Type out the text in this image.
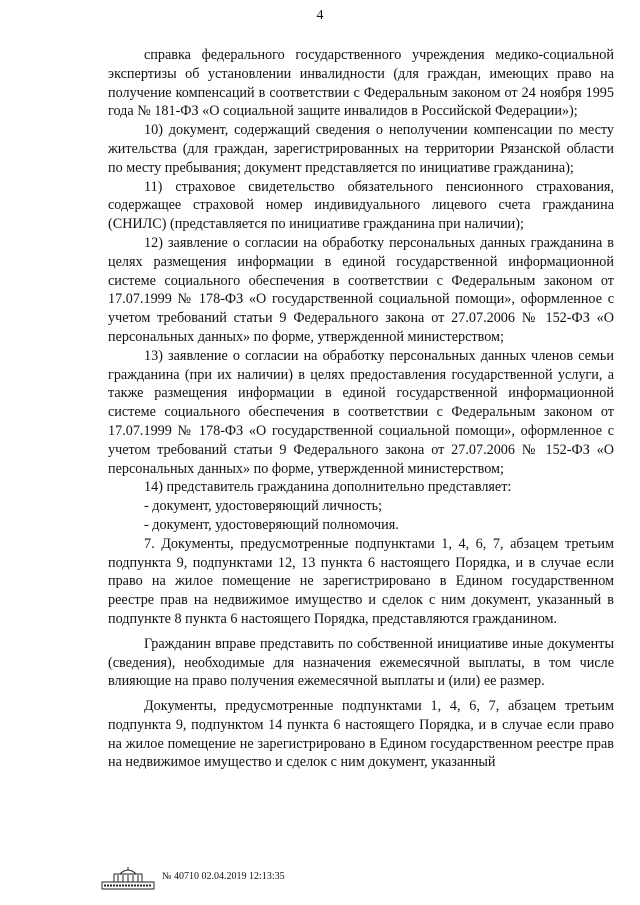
4

справка федерального государственного учреждения медико-социальной экспертизы об установлении инвалидности (для граждан, имеющих право на получение компенсаций в соответствии с Федеральным законом от 24 ноября 1995 года № 181-ФЗ «О социальной защите инвалидов в Российской Федерации»);

10) документ, содержащий сведения о неполучении компенсации по месту жительства (для граждан, зарегистрированных на территории Рязанской области по месту пребывания; документ представляется по инициативе гражданина);

11) страховое свидетельство обязательного пенсионного страхования, содержащее страховой номер индивидуального лицевого счета гражданина (СНИЛС) (представляется по инициативе гражданина при наличии);

12) заявление о согласии на обработку персональных данных гражданина в целях размещения информации в единой государственной информационной системе социального обеспечения в соответствии с Федеральным законом от 17.07.1999 № 178-ФЗ «О государственной социальной помощи», оформленное с учетом требований статьи 9 Федерального закона от 27.07.2006 № 152-ФЗ «О персональных данных» по форме, утвержденной министерством;

13) заявление о согласии на обработку персональных данных членов семьи гражданина (при их наличии) в целях предоставления государственной услуги, а также размещения информации в единой государственной информационной системе социального обеспечения в соответствии с Федеральным законом от 17.07.1999 № 178-ФЗ «О государственной социальной помощи», оформленное с учетом требований статьи 9 Федерального закона от 27.07.2006 № 152-ФЗ «О персональных данных» по форме, утвержденной министерством;

14) представитель гражданина дополнительно представляет:

- документ, удостоверяющий личность;

- документ, удостоверяющий полномочия.

7. Документы, предусмотренные подпунктами 1, 4, 6, 7, абзацем третьим подпункта 9, подпунктами 12, 13 пункта 6 настоящего Порядка, и в случае если право на жилое помещение не зарегистрировано в Едином государственном реестре прав на недвижимое имущество и сделок с ним документ, указанный в подпункте 8 пункта 6 настоящего Порядка, представляются гражданином.

Гражданин вправе представить по собственной инициативе иные документы (сведения), необходимые для назначения ежемесячной выплаты, в том числе влияющие на право получения ежемесячной выплаты и (или) ее размер.

Документы, предусмотренные подпунктами 1, 4, 6, 7, абзацем третьим подпункта 9, подпунктом 14 пункта 6 настоящего Порядка, и в случае если право на жилое помещение не зарегистрировано в Едином государственном реестре прав на недвижимое имущество и сделок с ним документ, указанный

№ 40710 02.04.2019 12:13:35
